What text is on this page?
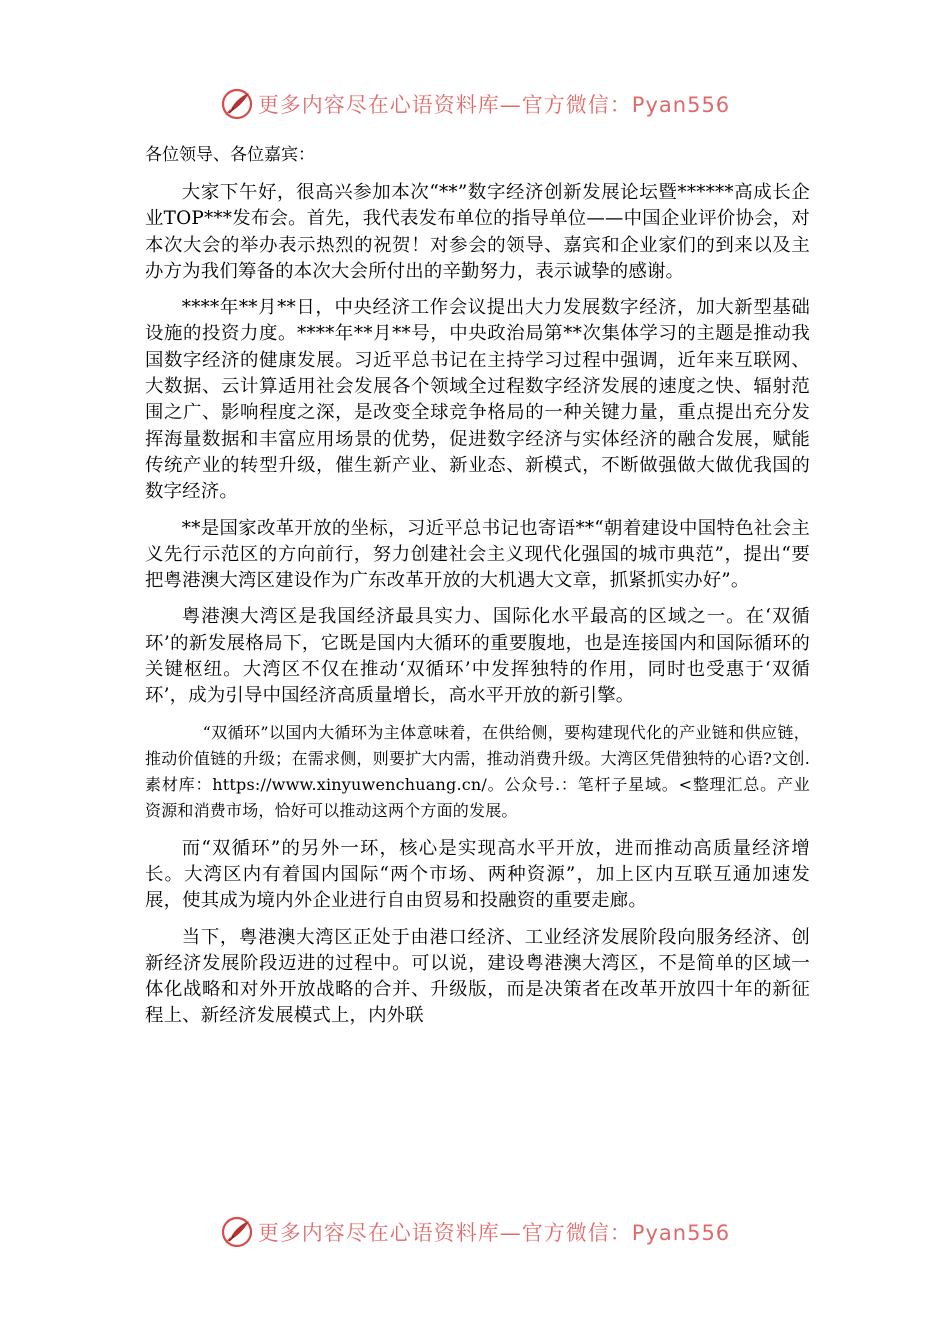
更多内容尽在心语资料库—官方微信：Pyan556

各位领导、各位嘉宾：

大家下午好，很高兴参加本次“**”数字经济创新发展论坛暨******高成长企业TOP***发布会。首先，我代表发布单位的指导单位——中国企业评价协会，对本次大会的举办表示热烈的祝贺！对参会的领导、嘉宾和企业家们的到来以及主办方为我们筹备的本次大会所付出的辛勤努力，表示诚挚的感谢。

****年**月**日，中央经济工作会议提出大力发展数字经济，加大新型基础设施的投资力度。****年**月**号，中央政治局第**次集体学习的主题是推动我国数字经济的健康发展。习近平总书记在主持学习过程中强调，近年来互联网、大数据、云计算适用社会发展各个领域全过程数字经济发展的速度之快、辐射范围之广、影响程度之深，是改变全球竞争格局的一种关键力量，重点提出充分发挥海量数据和丰富应用场景的优势，促进数字经济与实体经济的融合发展，赋能传统产业的转型升级，催生新产业、新业态、新模式，不断做强做大做优我国的数字经济。

**是国家改革开放的坐标，习近平总书记也寄语**“朝着建设中国特色社会主义先行示范区的方向前行，努力创建社会主义现代化强国的城市典范”，提出“要把粤港澳大湾区建设作为广东改革开放的大机遇大文章，抓紧抓实办好”。

粤港澳大湾区是我国经济最具实力、国际化水平最高的区域之一。在‘双循环’的新发展格局下，它既是国内大循环的重要腹地，也是连接国内和国际循环的关键枢纽。大湾区不仅在推动‘双循环’中发挥独特的作用，同时也受惠于‘双循环’，成为引导中国经济高质量增长，高水平开放的新引擎。

“双循环”以国内大循环为主体意味着，在供给侧，要构建现代化的产业链和供应链，推动价值链的升级；在需求侧，则要扩大内需，推动消费升级。大湾区凭借独特的心语?文创.素材库：https://www.xinyuwenchuang.cn/。公众号.：笔杆子星域。<整理汇总。产业资源和消费市场，恰好可以推动这两个方面的发展。

而“双循环”的另外一环，核心是实现高水平开放，进而推动高质量经济增长。大湾区内有着国内国际“两个市场、两种资源”，加上区内互联互通加速发展，使其成为境内外企业进行自由贸易和投融资的重要走廊。

当下，粤港澳大湾区正处于由港口经济、工业经济发展阶段向服务经济、创新经济发展阶段迈进的过程中。可以说，建设粤港澳大湾区，不是简单的区域一体化战略和对外开放战略的合并、升级版，而是决策者在改革开放四十年的新征程上、新经济发展模式上，内外联

更多内容尽在心语资料库—官方微信：Pyan556
